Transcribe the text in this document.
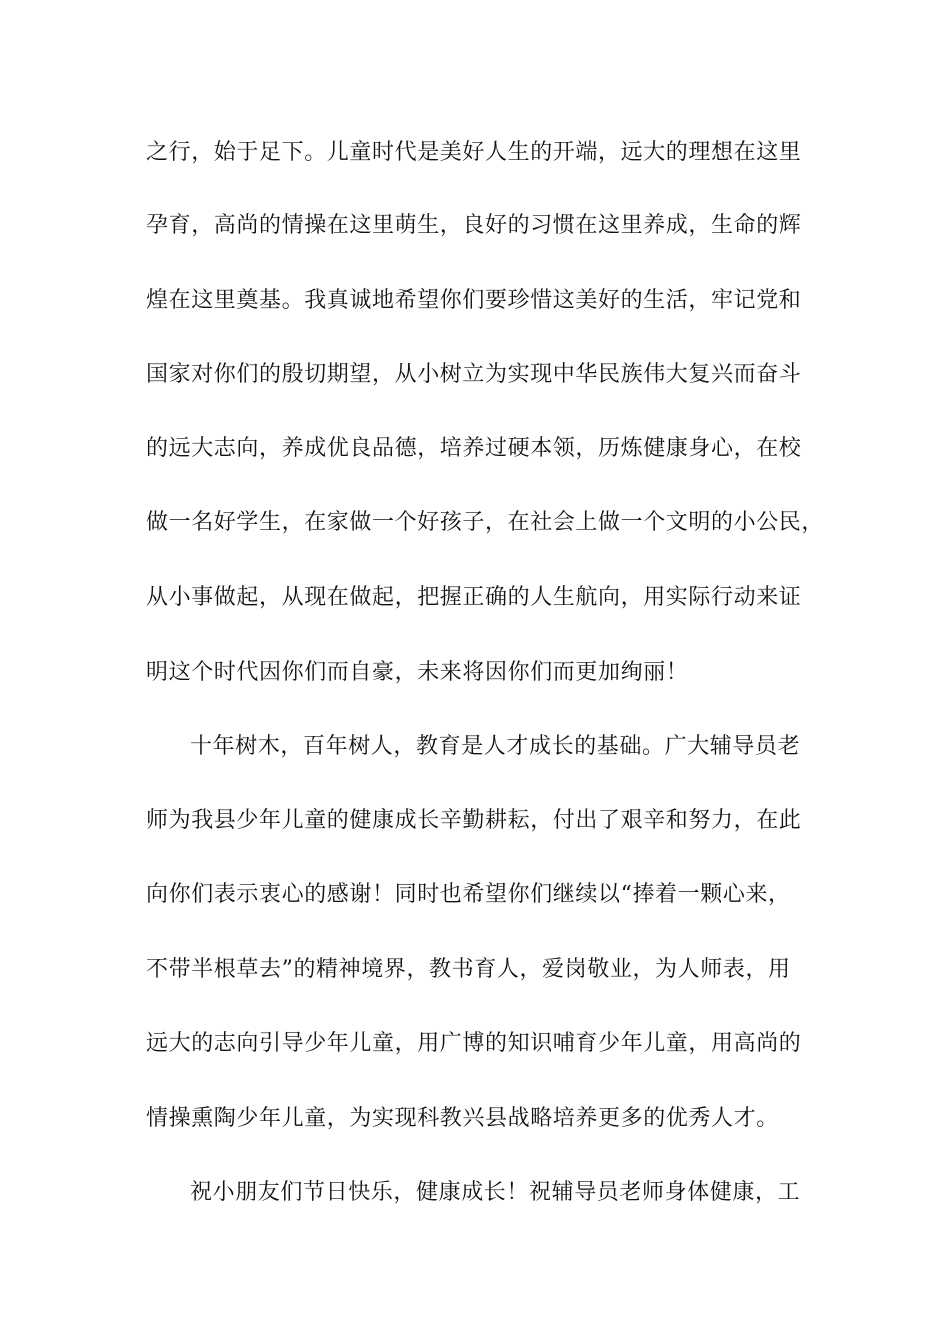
之行，始于足下。儿童时代是美好人生的开端，远大的理想在这里
孕育，高尚的情操在这里萌生，良好的习惯在这里养成，生命的辉
煌在这里奠基。我真诚地希望你们要珍惜这美好的生活，牢记党和
国家对你们的殷切期望，从小树立为实现中华民族伟大复兴而奋斗
的远大志向，养成优良品德，培养过硬本领，历炼健康身心，在校
做一名好学生，在家做一个好孩子，在社会上做一个文明的小公民，
从小事做起，从现在做起，把握正确的人生航向，用实际行动来证
明这个时代因你们而自豪，未来将因你们而更加绚丽！
十年树木，百年树人，教育是人才成长的基础。广大辅导员老
师为我县少年儿童的健康成长辛勤耕耘，付出了艰辛和努力，在此
向你们表示衷心的感谢！同时也希望你们继续以“捧着一颗心来，
不带半根草去”的精神境界，教书育人，爱岗敬业，为人师表，用
远大的志向引导少年儿童，用广博的知识哺育少年儿童，用高尚的
情操熏陶少年儿童，为实现科教兴县战略培养更多的优秀人才。
祝小朋友们节日快乐，健康成长！祝辅导员老师身体健康，工
